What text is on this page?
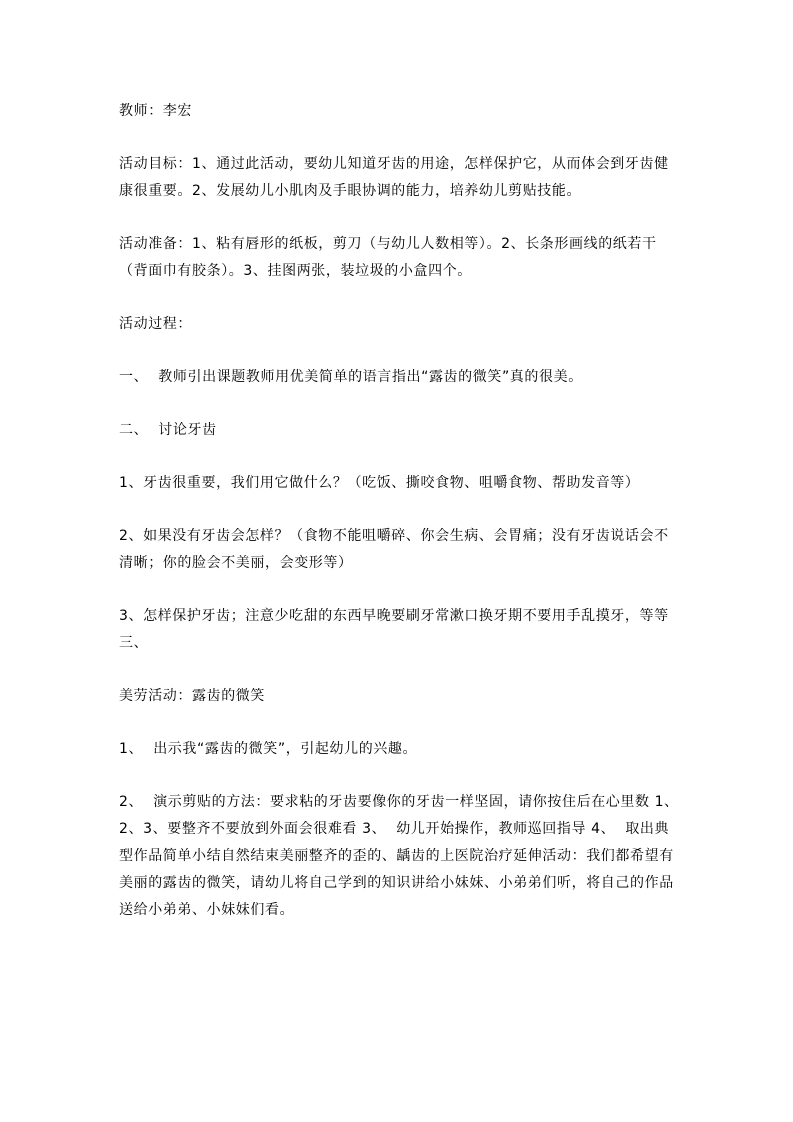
教师：李宏

活动目标：1、通过此活动，要幼儿知道牙齿的用途，怎样保护它，从而体会到牙齿健康很重要。2、发展幼儿小肌肉及手眼协调的能力，培养幼儿剪贴技能。

活动准备：1、粘有唇形的纸板，剪刀（与幼儿人数相等）。2、长条形画线的纸若干（背面巾有胶条）。3、挂图两张，装垃圾的小盒四个。

活动过程：

一、  教师引出课题教师用优美简单的语言指出“露齿的微笑”真的很美。

二、  讨论牙齿

1、牙齿很重要，我们用它做什么？（吃饭、撕咬食物、咀嚼食物、帮助发音等）

2、如果没有牙齿会怎样？（食物不能咀嚼碎、你会生病、会胃痛；没有牙齿说话会不清晰；你的脸会不美丽，会变形等）

3、怎样保护牙齿；注意少吃甜的东西早晚要刷牙常漱口换牙期不要用手乱摸牙，等等三、

美劳活动：露齿的微笑

1、  出示我“露齿的微笑”，引起幼儿的兴趣。

2、  演示剪贴的方法：要求粘的牙齿要像你的牙齿一样坚固，请你按住后在心里数 1、2、3、要整齐不要放到外面会很难看 3、  幼儿开始操作，教师巡回指导 4、  取出典型作品简单小结自然结束美丽整齐的歪的、龋齿的上医院治疗延伸活动：我们都希望有美丽的露齿的微笑，请幼儿将自己学到的知识讲给小妹妹、小弟弟们听，将自己的作品送给小弟弟、小妹妹们看。
